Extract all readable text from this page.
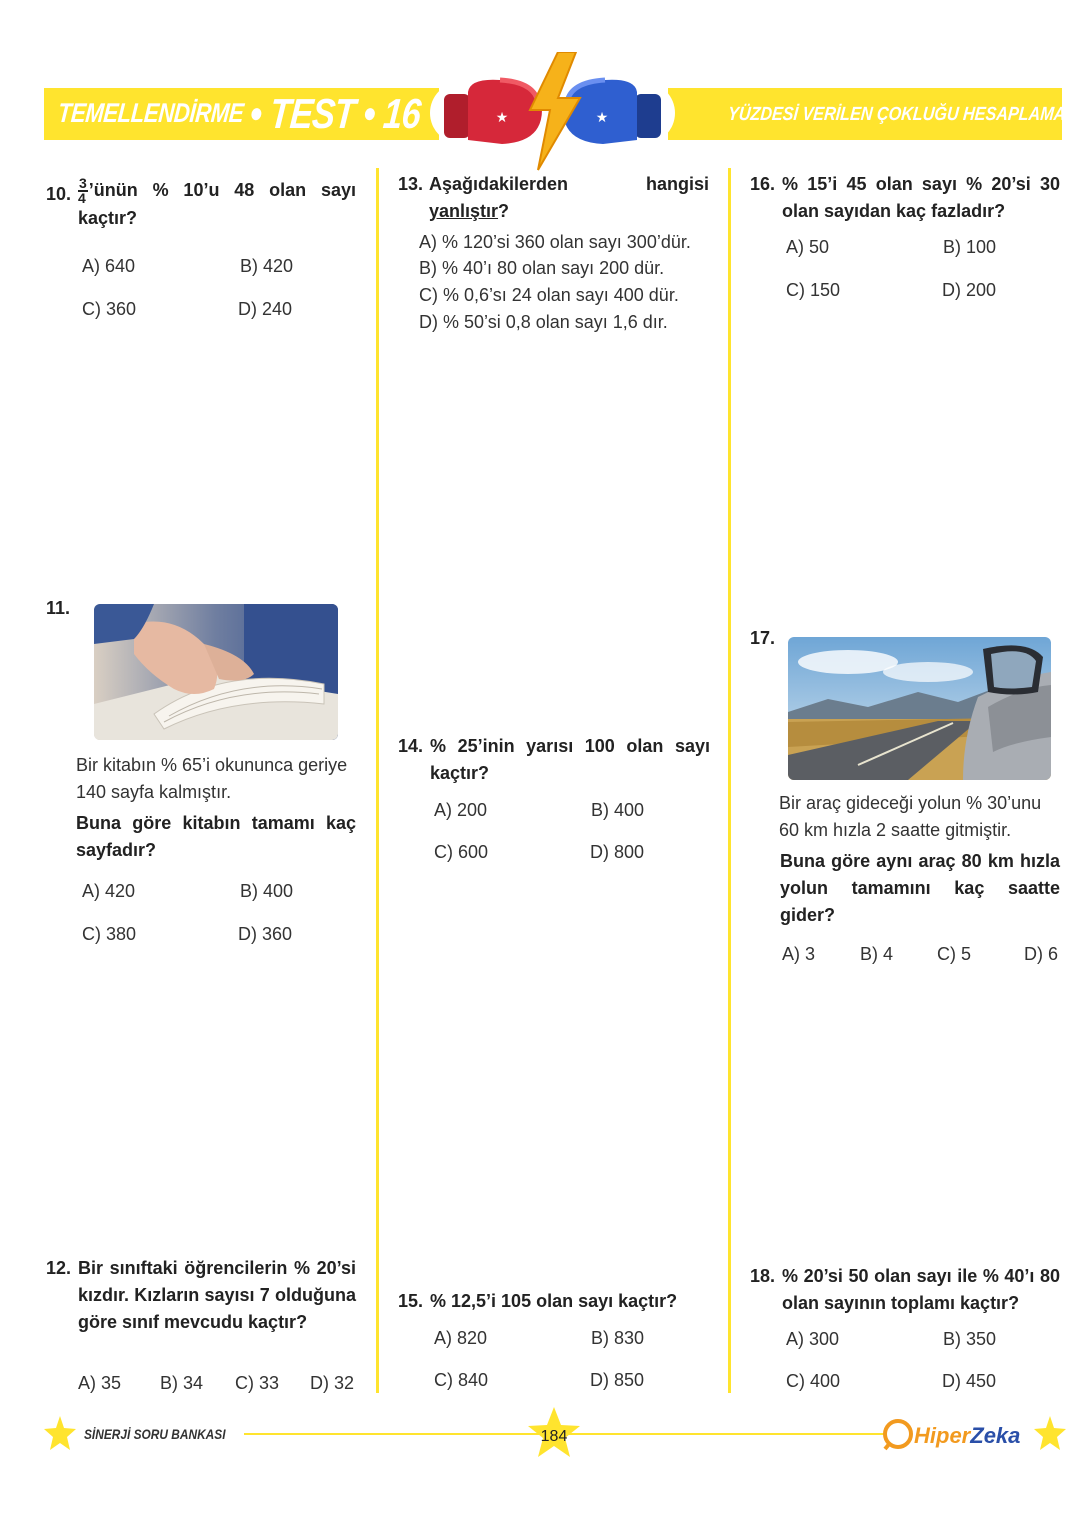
TEMELLENDİRME • TEST • 16	YÜZDESİ VERİLEN ÇOKLUĞU HESAPLAMA
★	★
10. $\frac{3}{4}$ ’ünün % 10’u 48 olan sayı kaçtır?
A) 640	B) 420
C) 360	D) 240
11.
Bir kitabın % 65’i okununca geriye 140 sayfa kalmıştır.
Buna göre kitabın tamamı kaç sayfadır?
A) 420	B) 400
C) 380	D) 360
12. Bir sınıftaki öğrencilerin % 20’si kızdır. Kızların sayısı 7 olduğuna göre sınıf mevcudu kaçtır?
A) 35 B) 34 C) 33 D) 32
13. Aşağıdakilerden hangisi yanlıştır?
A) % 120’si 360 olan sayı 300’dür.
B) % 40’ı 80 olan sayı 200 dür.
C) % 0,6’sı 24 olan sayı 400 dür.
D) % 50’si 0,8 olan sayı 1,6 dır.
14. % 25’inin yarısı 100 olan sayı kaçtır?
A) 200	B) 400
C) 600	D) 800
15. % 12,5’i 105 olan sayı kaçtır?
A) 820	B) 830
C) 840	D) 850
16. % 15’i 45 olan sayı % 20’si 30 olan sayıdan kaç fazladır?
A) 50	B) 100
C) 150	D) 200
17.
Bir araç gideceği yolun % 30’unu 60 km hızla 2 saatte gitmiştir.
Buna göre aynı araç 80 km hızla yolun tamamını kaç saatte gider?
A) 3 B) 4 C) 5	D) 6
18. % 20’si 50 olan sayı ile % 40’ı 80 olan sayının toplamı kaçtır?
A) 300	B) 350
C) 400	D) 450
SİNERJİ SORU BANKASI	184	HiperZeka
